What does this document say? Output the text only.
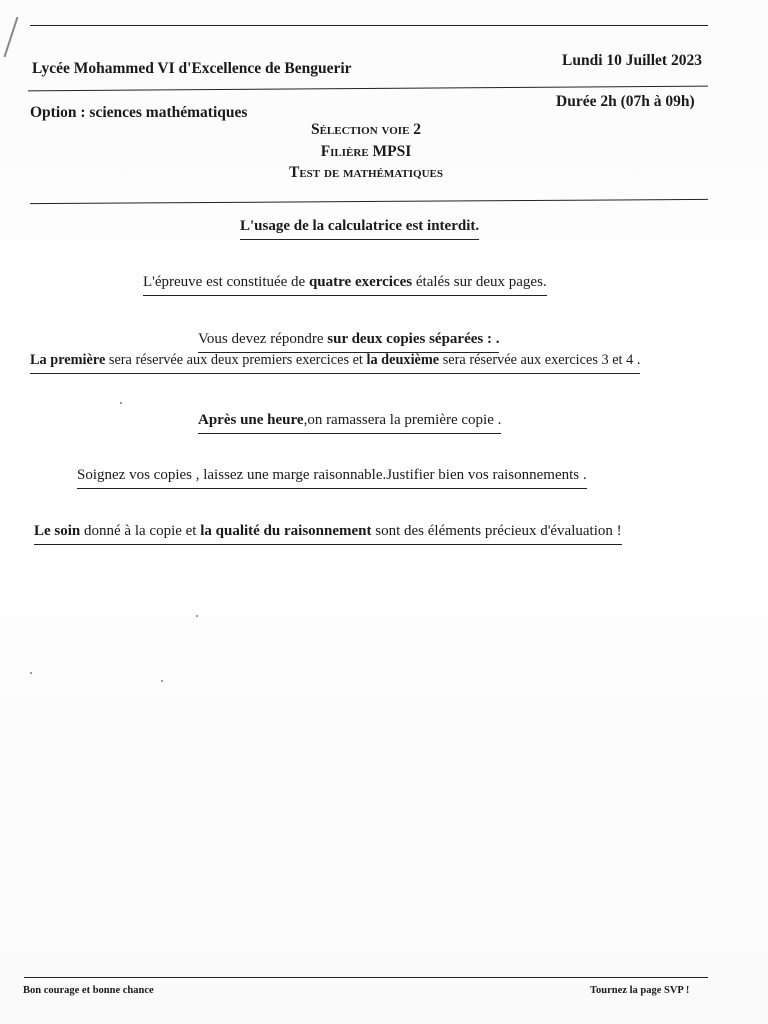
Lycée Mohammed VI d'Excellence de Benguerir	Lundi 10 Juillet 2023
Option : sciences mathématiques
Durée 2h (07h à 09h)
Sélection voie 2
Filière MPSI
Test de mathématiques
L'usage de la calculatrice est interdit.
L'épreuve est constituée de quatre exercices étalés sur deux pages.
Vous devez répondre sur deux copies séparées : .
La première sera réservée aux deux premiers exercices et la deuxième sera réservée aux exercices 3 et 4 .
Après une heure,on ramassera la première copie .
Soignez vos copies , laissez une marge raisonnable.Justifier bien vos raisonnements .
Le soin donné à la copie et la qualité du raisonnement sont des éléments précieux d'évaluation !
Bon courage et bonne chance	Tournez la page SVP !
